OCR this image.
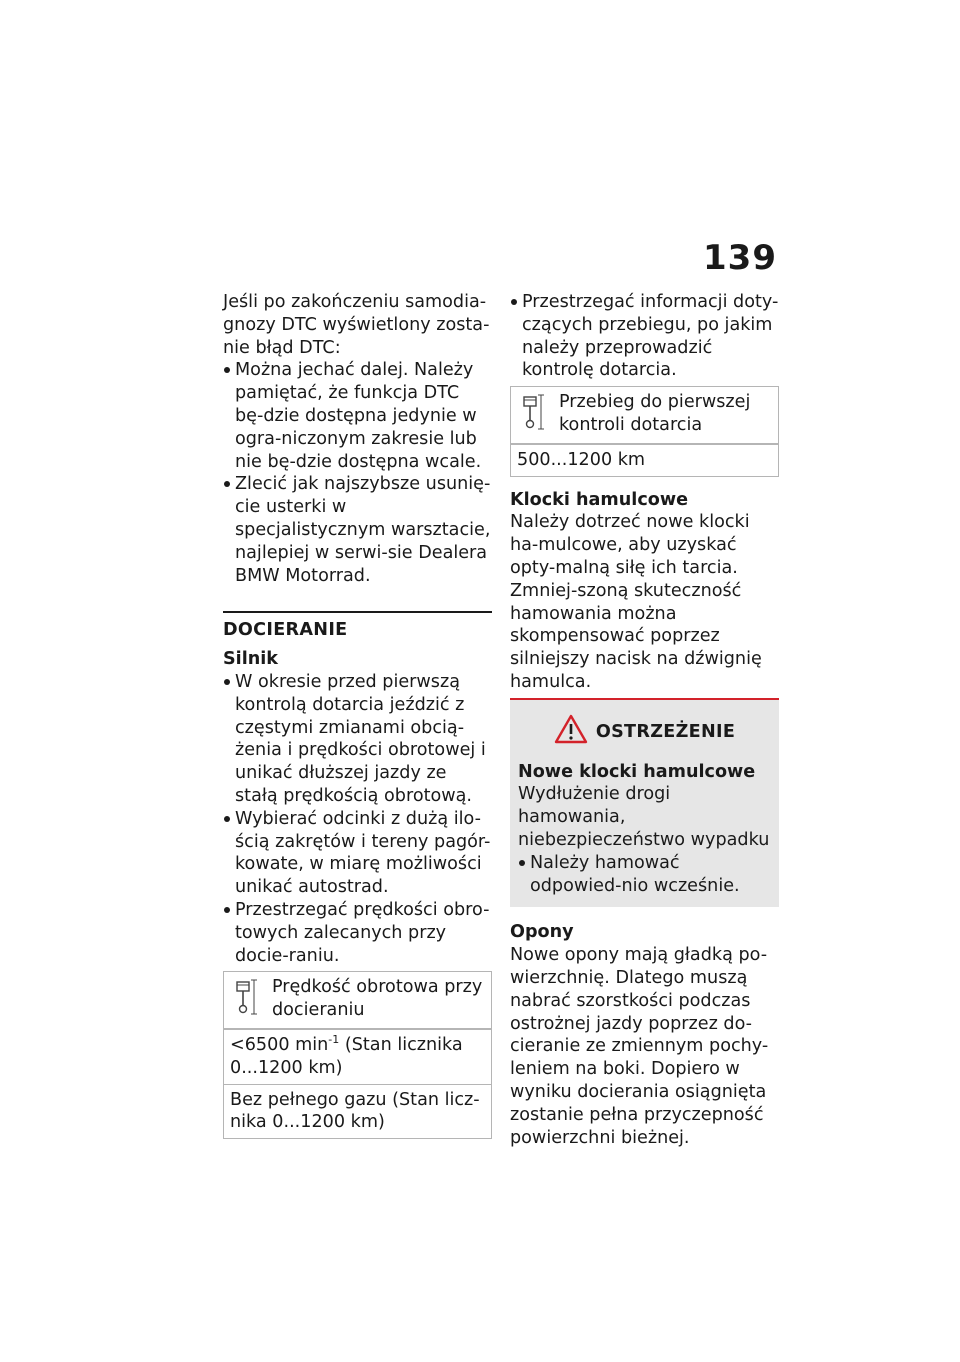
139

Jeśli po zakończeniu samodia-gnozy DTC wyświetlony zosta-nie błąd DTC:

Można jechać dalej. Należy pamiętać, że funkcja DTC bę-dzie dostępna jedynie w ogra-niczonym zakresie lub nie bę-dzie dostępna wcale.
Zlecić jak najszybsze usunię-cie usterki w specjalistycznym warsztacie, najlepiej w serwi-sie Dealera BMW Motorrad.
DOCIERANIE
Silnik
W okresie przed pierwszą kontrolą dotarcia jeździć z częstymi zmianami obcią-żenia i prędkości obrotowej i unikać dłuższej jazdy ze stałą prędkością obrotową.
Wybierać odcinki z dużą ilo-ścią zakrętów i tereny pagór-kowate, w miarę możliwości unikać autostrad.
Przestrzegać prędkości obro-towych zalecanych przy docie-raniu.
Prędkość obrotowa przy docieraniu
<6500 $\min^{-1} (Stan$ licznika 0...1200 km)
Bez pełnego gazu (Stan licz-nika 0...1200 km)
Przestrzegać informacji doty-czących przebiegu, po jakim należy przeprowadzić kontrolę dotarcia.
Przebieg do pierwszej kontroli dotarcia
500...1200 km
Klocki hamulcowe

Należy dotrzeć nowe klocki ha-mulcowe, aby uzyskać opty-malną siłę ich tarcia. Zmniej-szoną skuteczność hamowania można skompensować poprzez silniejszy nacisk na dźwignię hamulca.

OSTRZEŻENIE
Nowe klocki hamulcowe

Wydłużenie drogi hamowania, niebezpieczeństwo wypadku

Należy hamować odpowied-nio wcześnie.
Opony

Nowe opony mają gładką po-wierzchnię. Dlatego muszą nabrać szorstkości podczas ostrożnej jazdy poprzez do-cieranie ze zmiennym pochy-leniem na boki. Dopiero w wyniku docierania osiągnięta zostanie pełna przyczepność powierzchni bieżnej.
